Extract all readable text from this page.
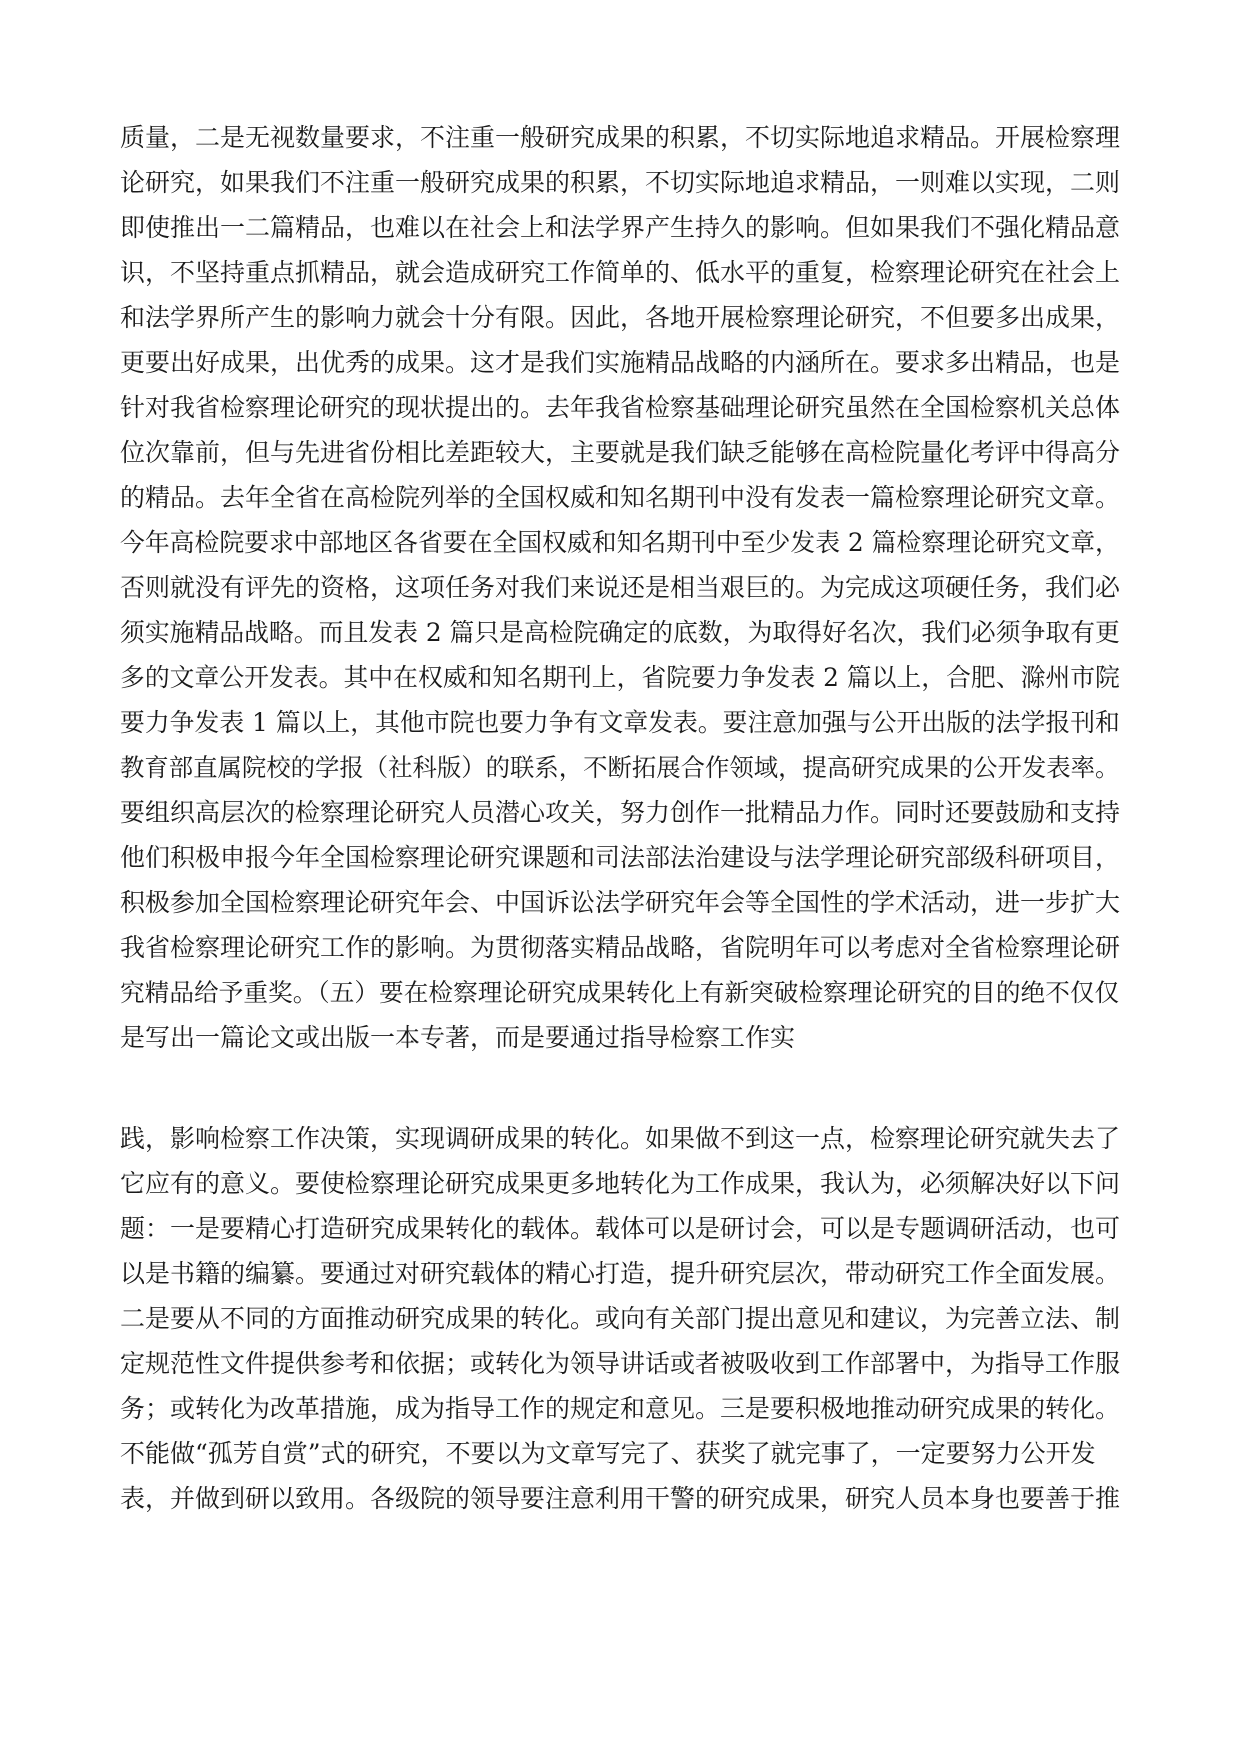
质量，二是无视数量要求，不注重一般研究成果的积累，不切实际地追求精品。开展检察理

论研究，如果我们不注重一般研究成果的积累，不切实际地追求精品，一则难以实现，二则

即使推出一二篇精品，也难以在社会上和法学界产生持久的影响。但如果我们不强化精品意

识，不坚持重点抓精品，就会造成研究工作简单的、低水平的重复，检察理论研究在社会上

和法学界所产生的影响力就会十分有限。因此，各地开展检察理论研究，不但要多出成果，

更要出好成果，出优秀的成果。这才是我们实施精品战略的内涵所在。要求多出精品，也是

针对我省检察理论研究的现状提出的。去年我省检察基础理论研究虽然在全国检察机关总体

位次靠前，但与先进省份相比差距较大，主要就是我们缺乏能够在高检院量化考评中得高分

的精品。去年全省在高检院列举的全国权威和知名期刊中没有发表一篇检察理论研究文章。

今年高检院要求中部地区各省要在全国权威和知名期刊中至少发表 2 篇检察理论研究文章，

否则就没有评先的资格，这项任务对我们来说还是相当艰巨的。为完成这项硬任务，我们必

须实施精品战略。而且发表 2 篇只是高检院确定的底数，为取得好名次，我们必须争取有更

多的文章公开发表。其中在权威和知名期刊上，省院要力争发表 2 篇以上，合肥、滁州市院

要力争发表 1 篇以上，其他市院也要力争有文章发表。要注意加强与公开出版的法学报刊和

教育部直属院校的学报（社科版）的联系，不断拓展合作领域，提高研究成果的公开发表率。

要组织高层次的检察理论研究人员潜心攻关，努力创作一批精品力作。同时还要鼓励和支持

他们积极申报今年全国检察理论研究课题和司法部法治建设与法学理论研究部级科研项目，

积极参加全国检察理论研究年会、中国诉讼法学研究年会等全国性的学术活动，进一步扩大

我省检察理论研究工作的影响。为贯彻落实精品战略，省院明年可以考虑对全省检察理论研

究精品给予重奖。（五）要在检察理论研究成果转化上有新突破检察理论研究的目的绝不仅仅

是写出一篇论文或出版一本专著，而是要通过指导检察工作实

践，影响检察工作决策，实现调研成果的转化。如果做不到这一点，检察理论研究就失去了

它应有的意义。要使检察理论研究成果更多地转化为工作成果，我认为，必须解决好以下问

题：一是要精心打造研究成果转化的载体。载体可以是研讨会，可以是专题调研活动，也可

以是书籍的编纂。要通过对研究载体的精心打造，提升研究层次，带动研究工作全面发展。

二是要从不同的方面推动研究成果的转化。或向有关部门提出意见和建议，为完善立法、制

定规范性文件提供参考和依据；或转化为领导讲话或者被吸收到工作部署中，为指导工作服

务；或转化为改革措施，成为指导工作的规定和意见。三是要积极地推动研究成果的转化。

不能做“孤芳自赏”式的研究，不要以为文章写完了、获奖了就完事了，一定要努力公开发

表，并做到研以致用。各级院的领导要注意利用干警的研究成果，研究人员本身也要善于推
